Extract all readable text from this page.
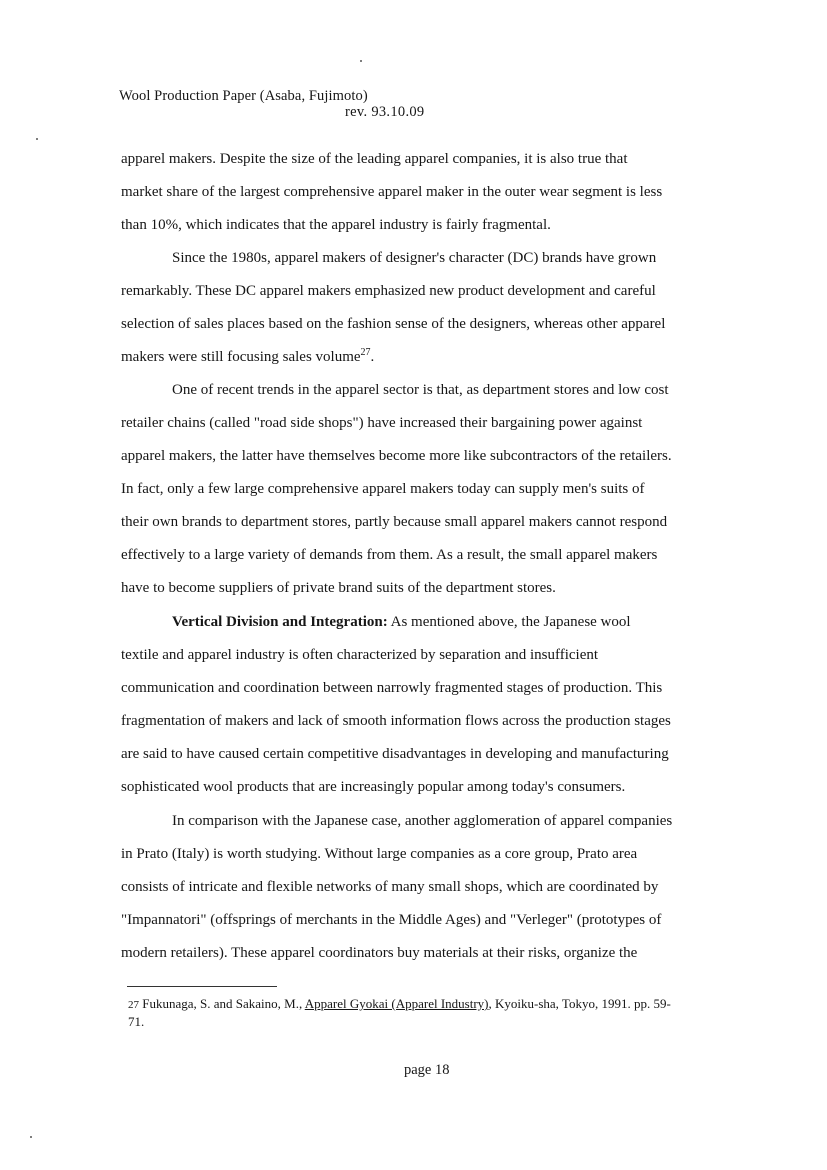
Wool Production Paper (Asaba, Fujimoto)
rev. 93.10.09
apparel makers. Despite the size of the leading apparel companies, it is also true that
market share of the largest comprehensive apparel maker in the outer wear segment is less
than 10%, which indicates that the apparel industry is fairly fragmental.
Since the 1980s, apparel makers of designer's character (DC) brands have grown
remarkably. These DC apparel makers emphasized new product development and careful
selection of sales places based on the fashion sense of the designers, whereas other apparel
makers were still focusing sales volume$^{27}$.
One of recent trends in the apparel sector is that, as department stores and low cost
retailer chains (called "road side shops") have increased their bargaining power against
apparel makers, the latter have themselves become more like subcontractors of the retailers.
In fact, only a few large comprehensive apparel makers today can supply men's suits of
their own brands to department stores, partly because small apparel makers cannot respond
effectively to a large variety of demands from them. As a result, the small apparel makers
have to become suppliers of private brand suits of the department stores.
Vertical Division and Integration: As mentioned above, the Japanese wool
textile and apparel industry is often characterized by separation and insufficient
communication and coordination between narrowly fragmented stages of production. This
fragmentation of makers and lack of smooth information flows across the production stages
are said to have caused certain competitive disadvantages in developing and manufacturing
sophisticated wool products that are increasingly popular among today's consumers.
In comparison with the Japanese case, another agglomeration of apparel companies
in Prato (Italy) is worth studying. Without large companies as a core group, Prato area
consists of intricate and flexible networks of many small shops, which are coordinated by
"Impannatori" (offsprings of merchants in the Middle Ages) and "Verleger" (prototypes of
modern retailers). These apparel coordinators buy materials at their risks, organize the
27 Fukunaga, S. and Sakaino, M., Apparel Gyokai (Apparel Industry), Kyoiku-sha, Tokyo, 1991. pp. 59-
71.
page 18
